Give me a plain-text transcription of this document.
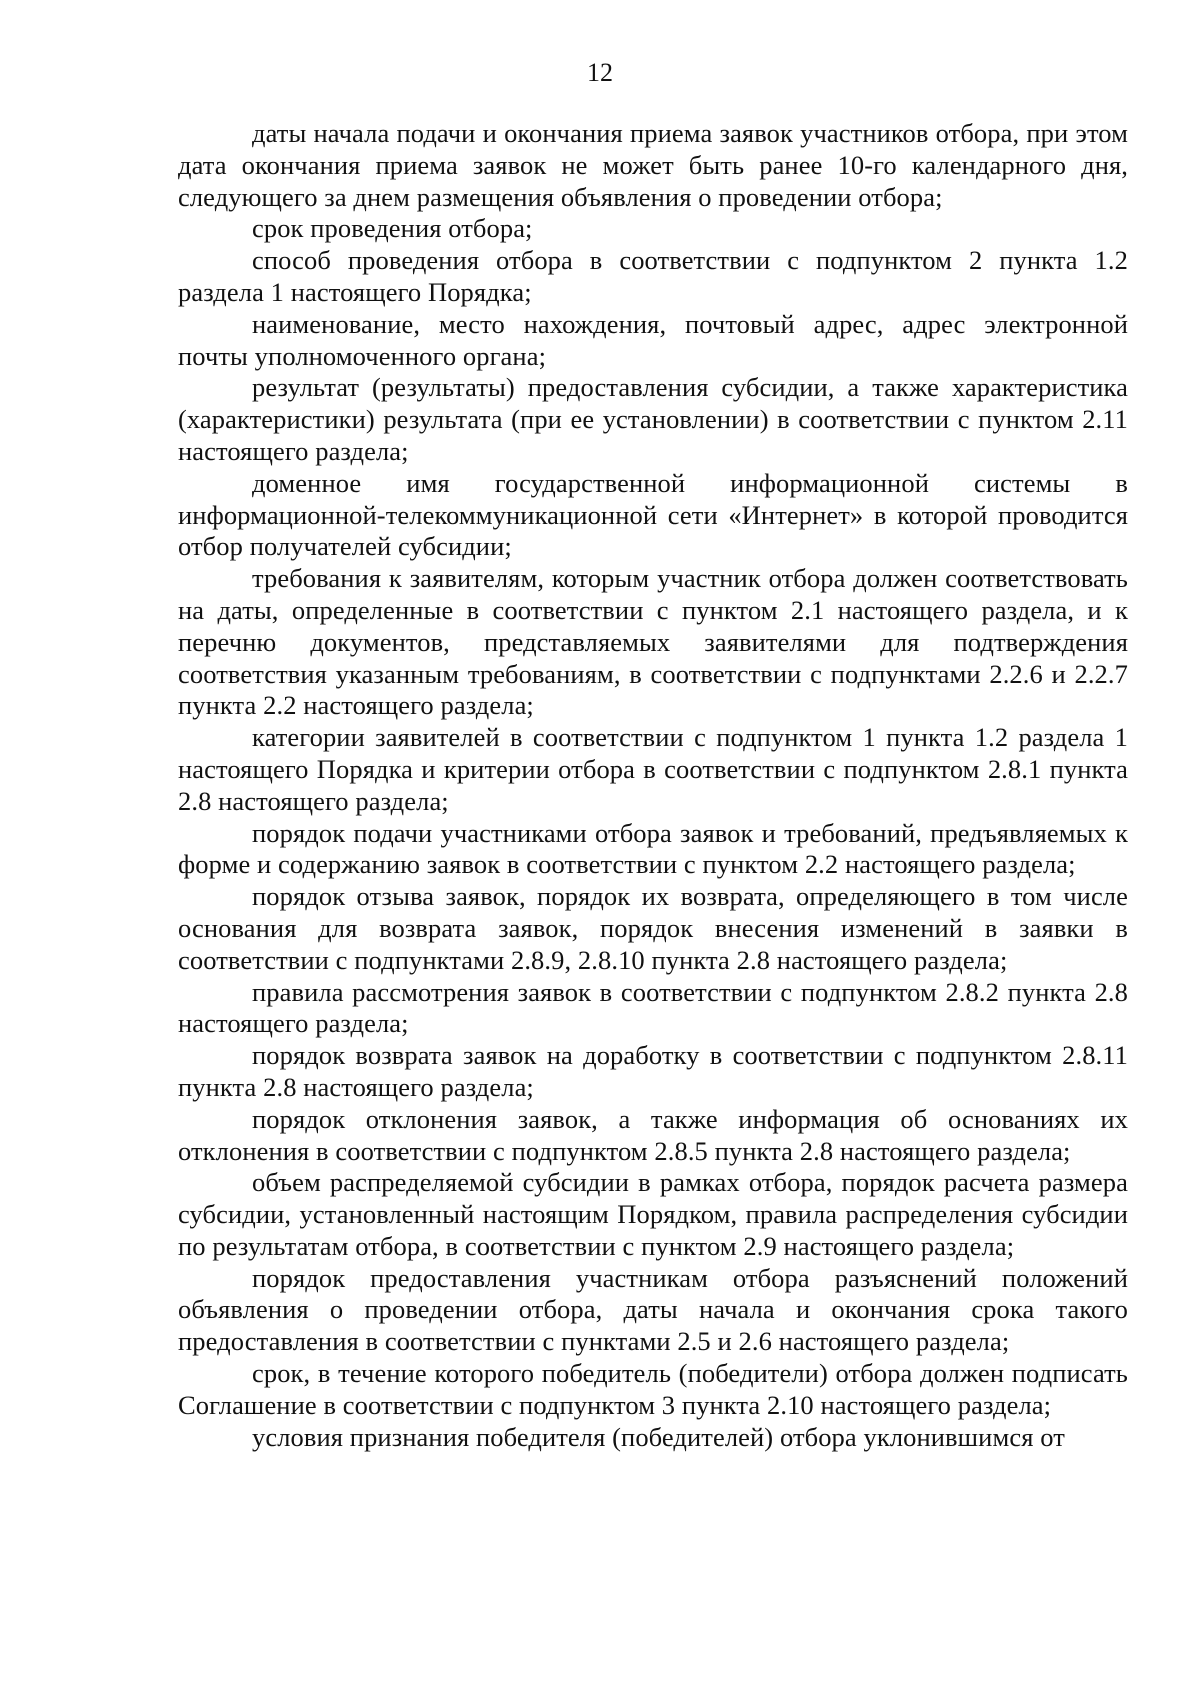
12

даты начала подачи и окончания приема заявок участников отбора, при этом дата окончания приема заявок не может быть ранее 10-го календарного дня, следующего за днем размещения объявления о проведении отбора;

срок проведения отбора;

способ проведения отбора в соответствии с подпунктом 2 пункта 1.2 раздела 1 настоящего Порядка;

наименование, место нахождения, почтовый адрес, адрес электронной почты уполномоченного органа;

результат (результаты) предоставления субсидии, а также характеристика (характеристики) результата (при ее установлении) в соответствии с пунктом 2.11 настоящего раздела;

доменное имя государственной информационной системы в информационной-телекоммуникационной сети «Интернет» в которой проводится отбор получателей субсидии;

требования к заявителям, которым участник отбора должен соответствовать на даты, определенные в соответствии с пунктом 2.1 настоящего раздела, и к перечню документов, представляемых заявителями для подтверждения соответствия указанным требованиям, в соответствии с подпунктами 2.2.6 и 2.2.7 пункта 2.2 настоящего раздела;

категории заявителей в соответствии с подпунктом 1 пункта 1.2 раздела 1 настоящего Порядка и критерии отбора в соответствии с подпунктом 2.8.1 пункта 2.8 настоящего раздела;

порядок подачи участниками отбора заявок и требований, предъявляемых к форме и содержанию заявок в соответствии с пунктом 2.2 настоящего раздела;

порядок отзыва заявок, порядок их возврата, определяющего в том числе основания для возврата заявок, порядок внесения изменений в заявки в соответствии с подпунктами 2.8.9, 2.8.10 пункта 2.8 настоящего раздела;

правила рассмотрения заявок в соответствии с подпунктом 2.8.2 пункта 2.8 настоящего раздела;

порядок возврата заявок на доработку в соответствии с подпунктом 2.8.11 пункта 2.8 настоящего раздела;

порядок отклонения заявок, а также информация об основаниях их отклонения в соответствии с подпунктом 2.8.5 пункта 2.8 настоящего раздела;

объем распределяемой субсидии в рамках отбора, порядок расчета размера субсидии, установленный настоящим Порядком, правила распределения субсидии по результатам отбора, в соответствии с пунктом 2.9 настоящего раздела;

порядок предоставления участникам отбора разъяснений положений объявления о проведении отбора, даты начала и окончания срока такого предоставления в соответствии с пунктами 2.5 и 2.6 настоящего раздела;

срок, в течение которого победитель (победители) отбора должен подписать Соглашение в соответствии с подпунктом 3 пункта 2.10 настоящего раздела;

условия признания победителя (победителей) отбора уклонившимся от
